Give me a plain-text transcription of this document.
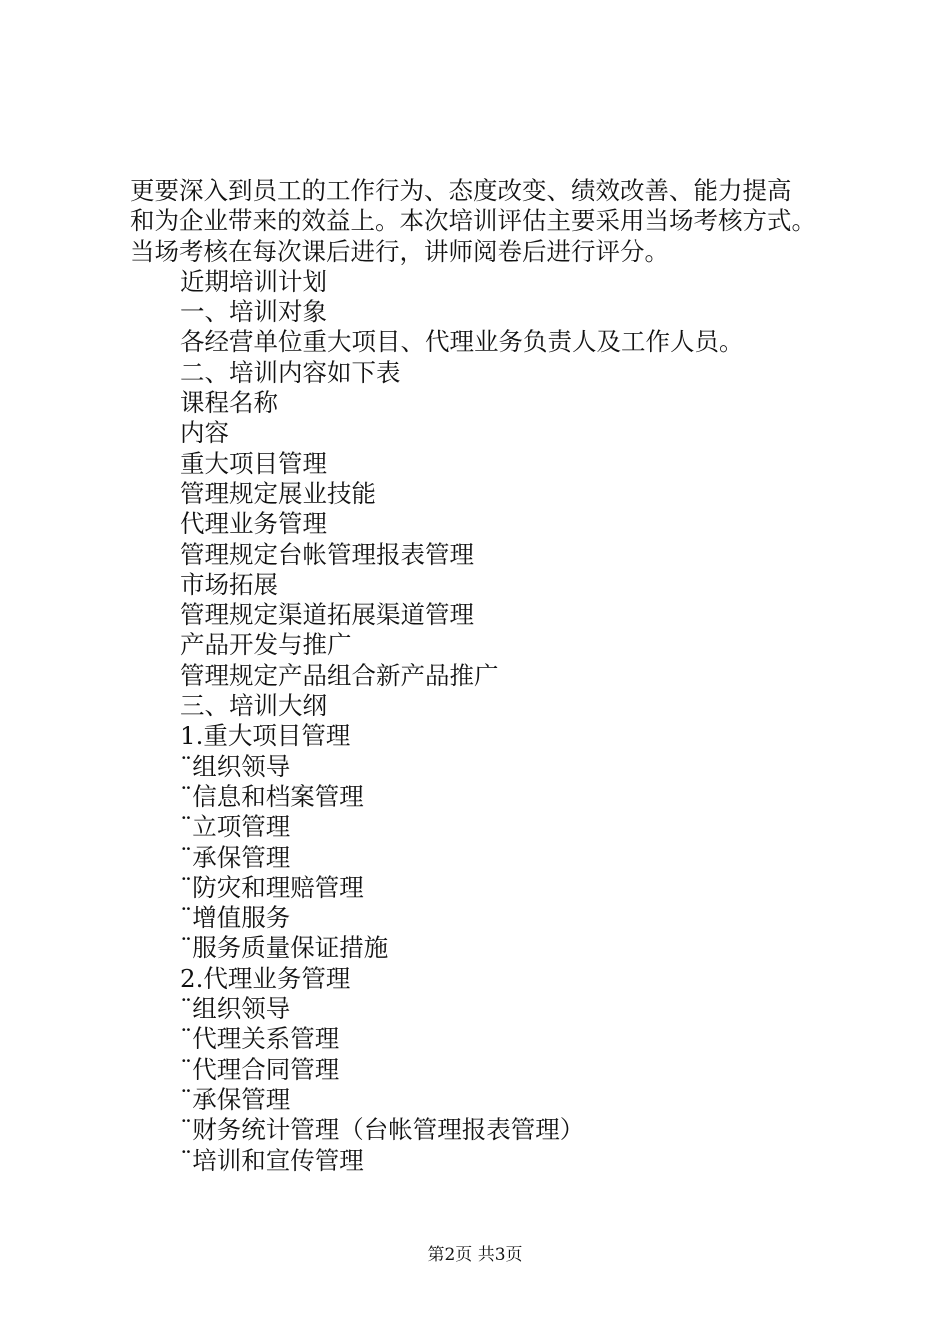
更要深入到员工的工作行为、态度改变、绩效改善、能力提高

和为企业带来的效益上。本次培训评估主要采用当场考核方式。

当场考核在每次课后进行，讲师阅卷后进行评分。

近期培训计划

一、培训对象

各经营单位重大项目、代理业务负责人及工作人员。

二、培训内容如下表

课程名称

内容

重大项目管理

管理规定展业技能

代理业务管理

管理规定台帐管理报表管理

市场拓展

管理规定渠道拓展渠道管理

产品开发与推广

管理规定产品组合新产品推广

三、培训大纲

1.重大项目管理

¨组织领导

¨信息和档案管理

¨立项管理

¨承保管理

¨防灾和理赔管理

¨增值服务

¨服务质量保证措施

2.代理业务管理

¨组织领导

¨代理关系管理

¨代理合同管理

¨承保管理

¨财务统计管理（台帐管理报表管理）

¨培训和宣传管理

第2页 共3页
